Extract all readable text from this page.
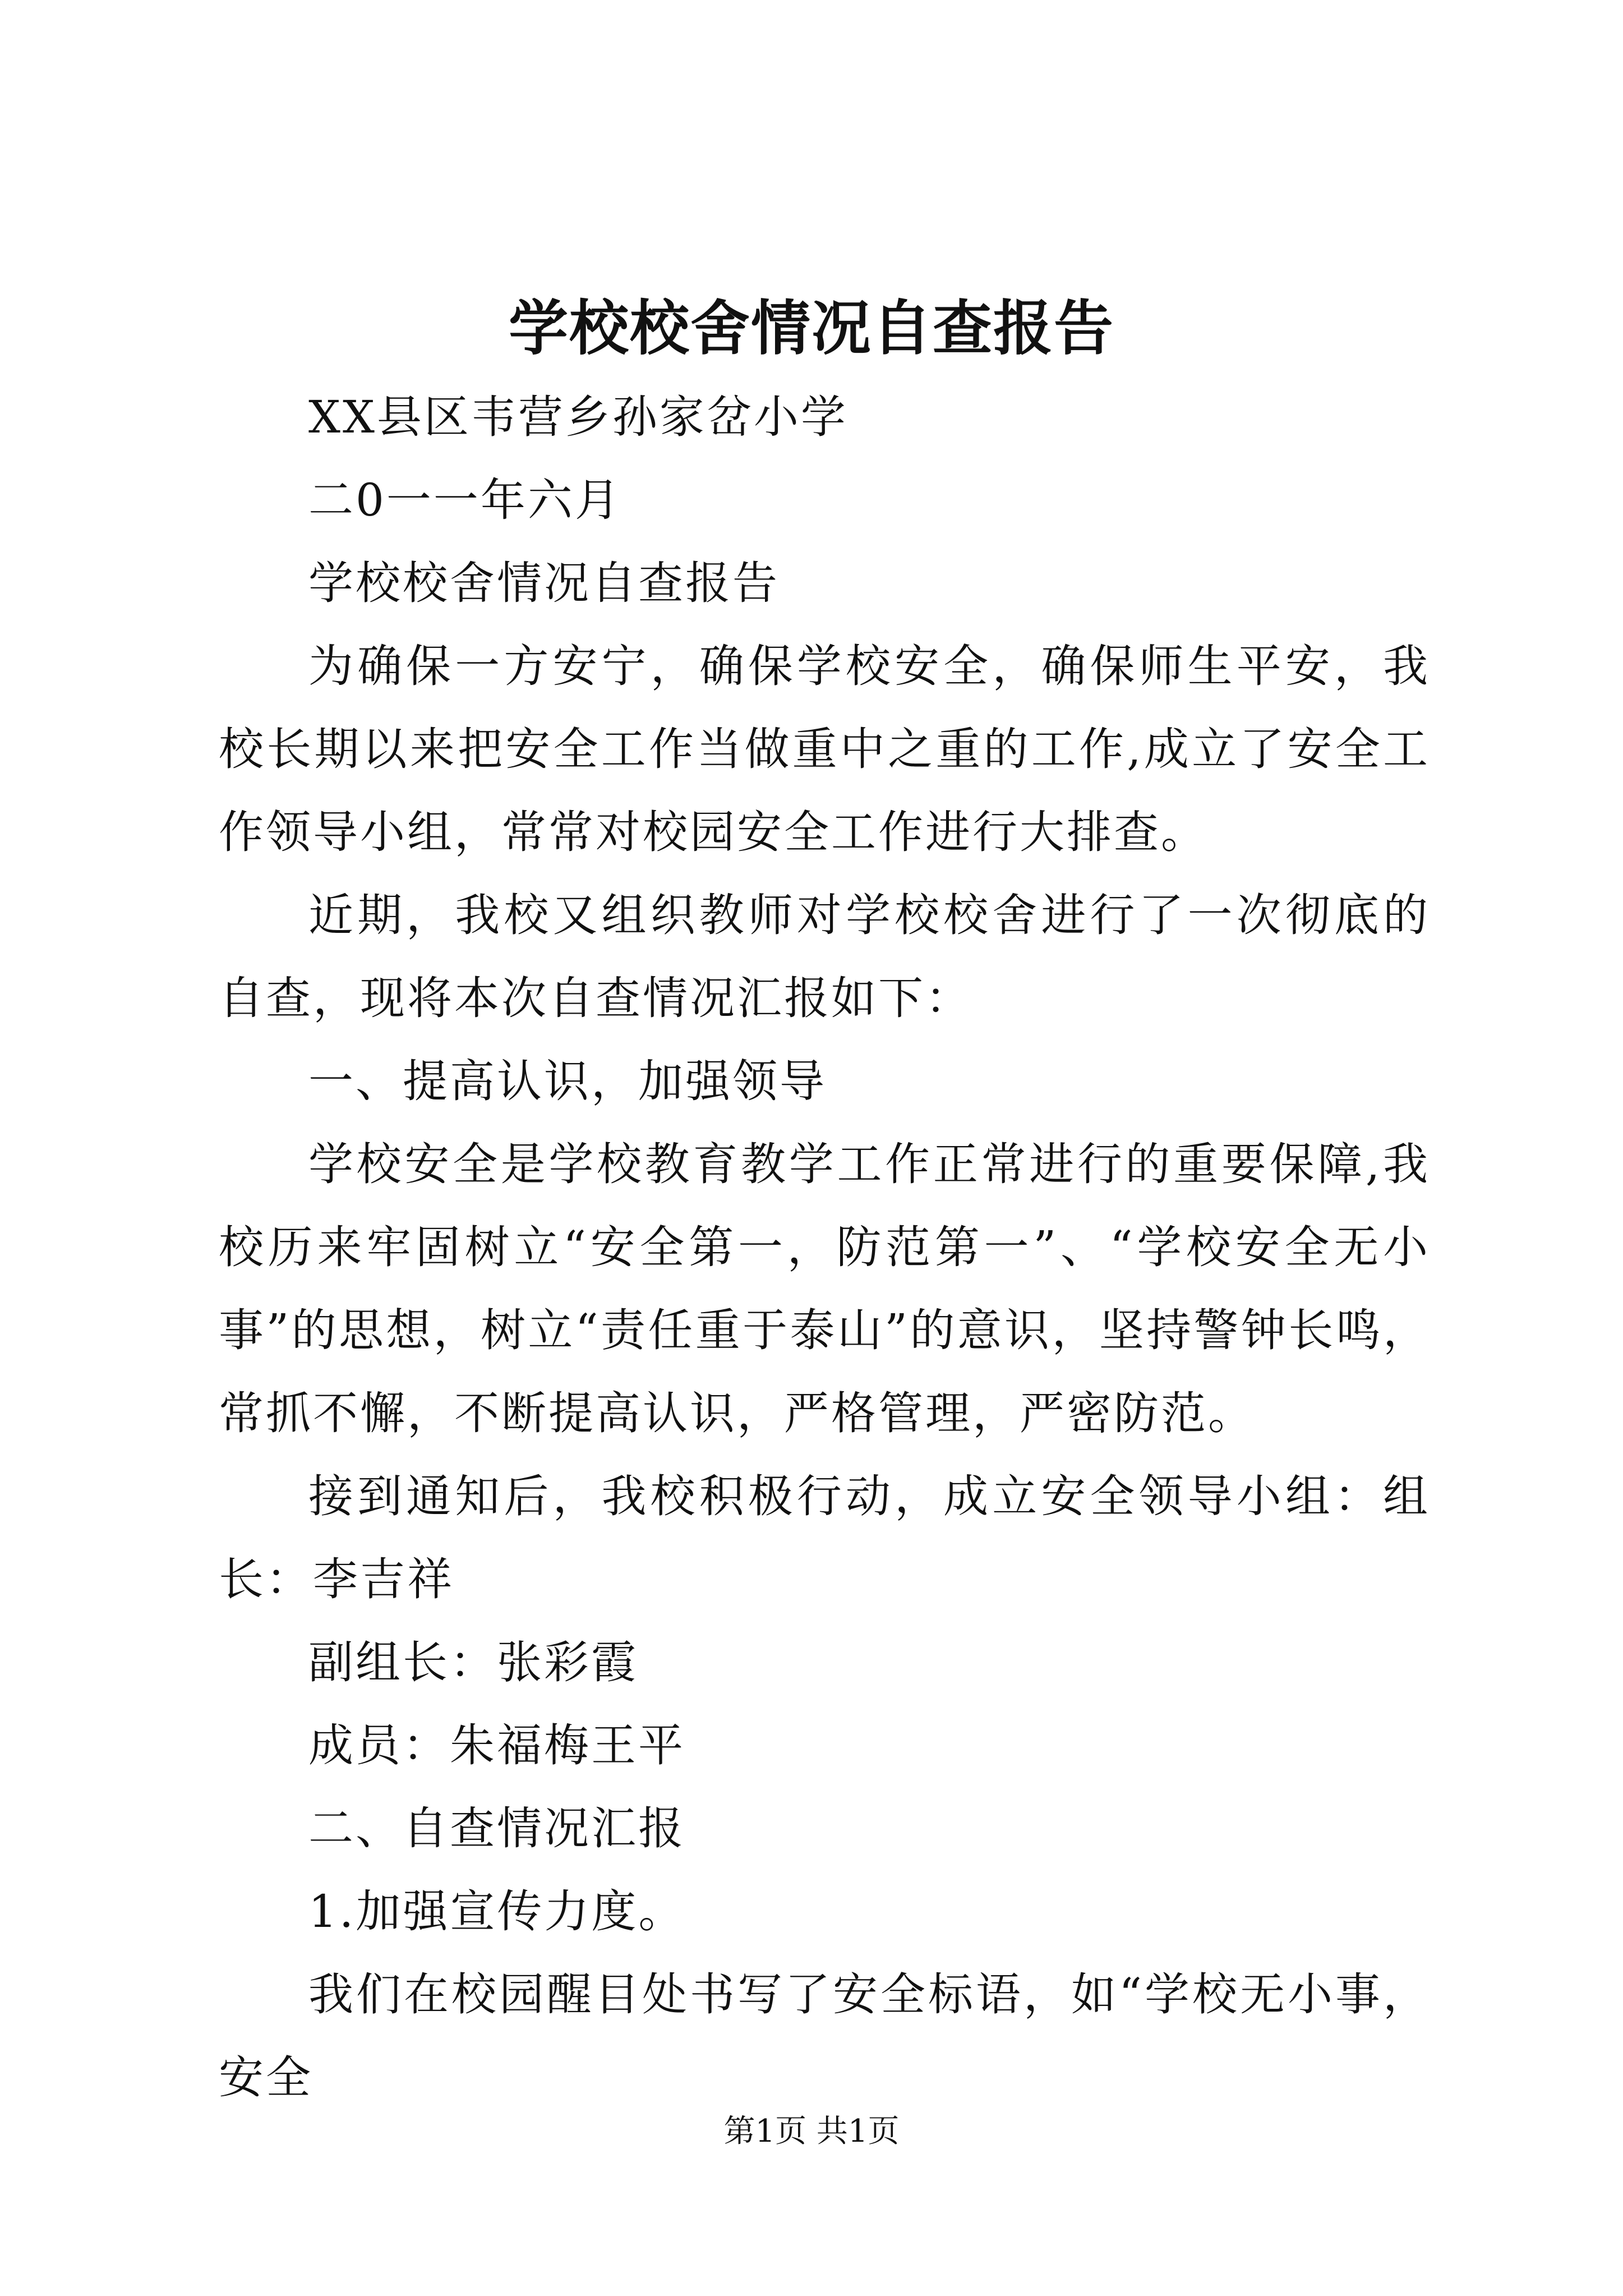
学校校舍情况自查报告

XX县区韦营乡孙家岔小学

二0一一年六月

学校校舍情况自查报告

为确保一方安宁，确保学校安全，确保师生平安，我校长期以来把安全工作当做重中之重的工作,成立了安全工作领导小组，常常对校园安全工作进行大排查。

近期，我校又组织教师对学校校舍进行了一次彻底的自查，现将本次自查情况汇报如下：

一、提高认识，加强领导

学校安全是学校教育教学工作正常进行的重要保障,我校历来牢固树立“安全第一，防范第一”、“学校安全无小事”的思想，树立“责任重于泰山”的意识，坚持警钟长鸣，常抓不懈，不断提高认识，严格管理，严密防范。

接到通知后，我校积极行动，成立安全领导小组：组长：李吉祥

副组长：张彩霞

成员：朱福梅王平

二、自查情况汇报

1.加强宣传力度。

我们在校园醒目处书写了安全标语，如“学校无小事，安全

第1页 共1页
